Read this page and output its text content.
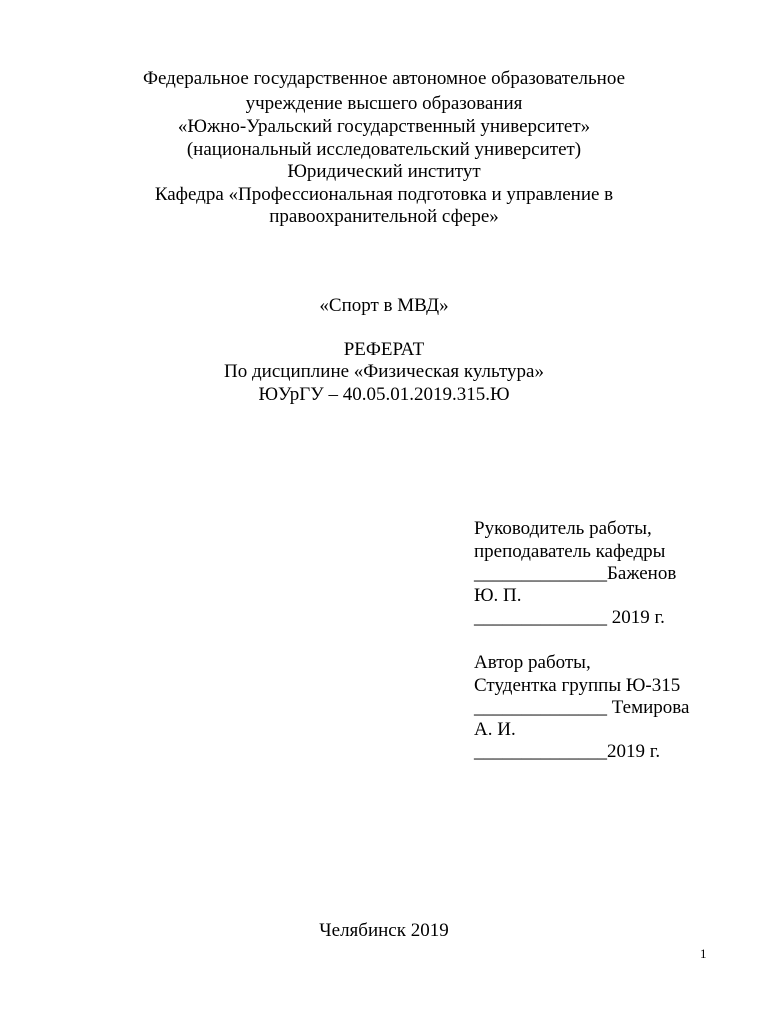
Федеральное государственное автономное образовательное
учреждение высшего образования
«Южно-Уральский государственный университет»
(национальный исследовательский университет)
Юридический институт
Кафедра «Профессиональная подготовка и управление в
правоохранительной сфере»
«Спорт в МВД»
РЕФЕРАТ
По дисциплине «Физическая культура»
ЮУрГУ – 40.05.01.2019.315.Ю
Руководитель работы,
преподаватель кафедры
______________Баженов
Ю. П.
______________ 2019 г.
Автор работы,
Студентка группы Ю-315
______________ Темирова
А. И.
______________2019 г.
Челябинск 2019
1
